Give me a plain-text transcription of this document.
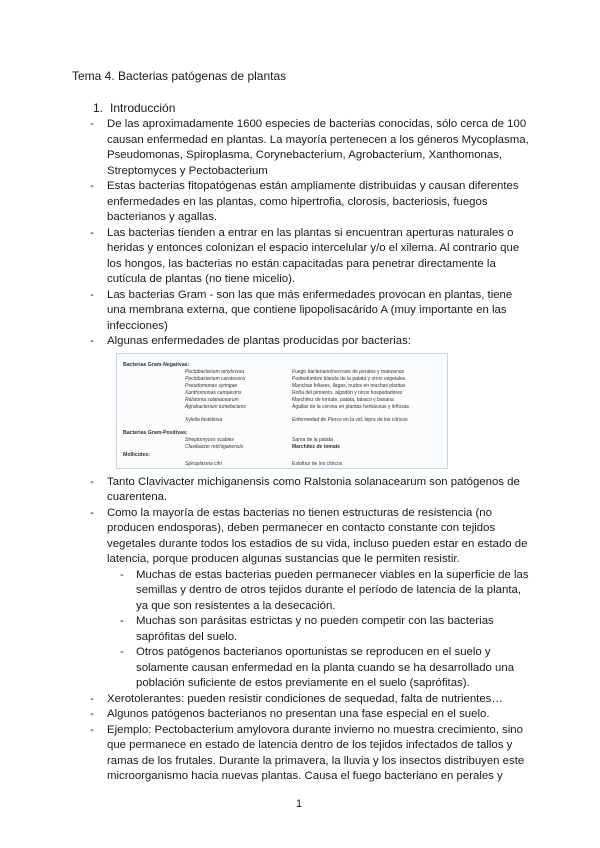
Tema 4. Bacterias patógenas de plantas
1. Introducción
- De las aproximadamente 1600 especies de bacterias conocidas, sólo cerca de 100 causan enfermedad en plantas. La mayoría pertenecen a los géneros Mycoplasma, Pseudomonas, Spiroplasma, Corynebacterium, Agrobacterium, Xanthomonas, Streptomyces y Pectobacterium
- Estas bacterias fitopatógenas están ampliamente distribuidas y causan diferentes enfermedades en las plantas, como hipertrofia, clorosis, bacteriosis, fuegos bacterianos y agallas.
- Las bacterias tienden a entrar en las plantas si encuentran aperturas naturales o heridas y entonces colonizan el espacio intercelular y/o el xilema. Al contrario que los hongos, las bacterias no están capacitadas para penetrar directamente la cutícula de plantas (no tiene micelio).
- Las bacterias Gram - son las que más enfermedades provocan en plantas, tiene una membrana externa, que contiene lipopolisacárido A (muy importante en las infecciones)
- Algunas enfermedades de plantas producidas por bacterias:
Bacterias Gram-Negativas:
Pectobacterium amylovora	Fuego bacteriano/necrosis de perales y manzanos
Pectobacterium carotovora	Podredumbre blanda de la patata y otros vegetales
Pseudomonas syringae	Manchas foliares, llagas, nudos en muchas plantas
Xanthomonas campestris	Roña del pimiento, algodón y otros hospedadores
Ralstonia solanacearum	Marchitez de tomate, patata, tabaco y banana
Agrobacterium tumefaciens	Agallas de la corona en plantas herbáceas y leñosas
Xylella fastidiosa	Enfermedad de Pierce en la vid, lepra de los cítricos
Bacterias Gram-Positivas:
Streptomyces scabies	Sarna de la patata
Clavibacter michiganensis	Marchitez de tomate
Mollicutes:
Spiroplasma citri	Estolbur de los cítricos
- Tanto Clavivacter michiganensis como Ralstonia solanacearum son patógenos de cuarentena.
- Como la mayoría de estas bacterias no tienen estructuras de resistencia (no producen endosporas), deben permanecer en contacto constante con tejidos vegetales durante todos los estadios de su vida, incluso pueden estar en estado de latencia, porque producen algunas sustancias que le permiten resistir.
- Muchas de estas bacterias pueden permanecer viables en la superficie de las semillas y dentro de otros tejidos durante el período de latencia de la planta, ya que son resistentes a la desecación.
- Muchas son parásitas estrictas y no pueden competir con las bacterias saprófitas del suelo.
- Otros patógenos bacterianos oportunistas se reproducen en el suelo y solamente causan enfermedad en la planta cuando se ha desarrollado una población suficiente de estos previamente en el suelo (saprófitas).
- Xerotolerantes: pueden resistir condiciones de sequedad, falta de nutrientes…
- Algunos patógenos bacterianos no presentan una fase especial en el suelo.
- Ejemplo: Pectobacterium amylovora durante invierno no muestra crecimiento, sino que permanece en estado de latencia dentro de los tejidos infectados de tallos y ramas de los frutales. Durante la primavera, la lluvia y los insectos distribuyen este microorganismo hacia nuevas plantas. Causa el fuego bacteriano en perales y
1
